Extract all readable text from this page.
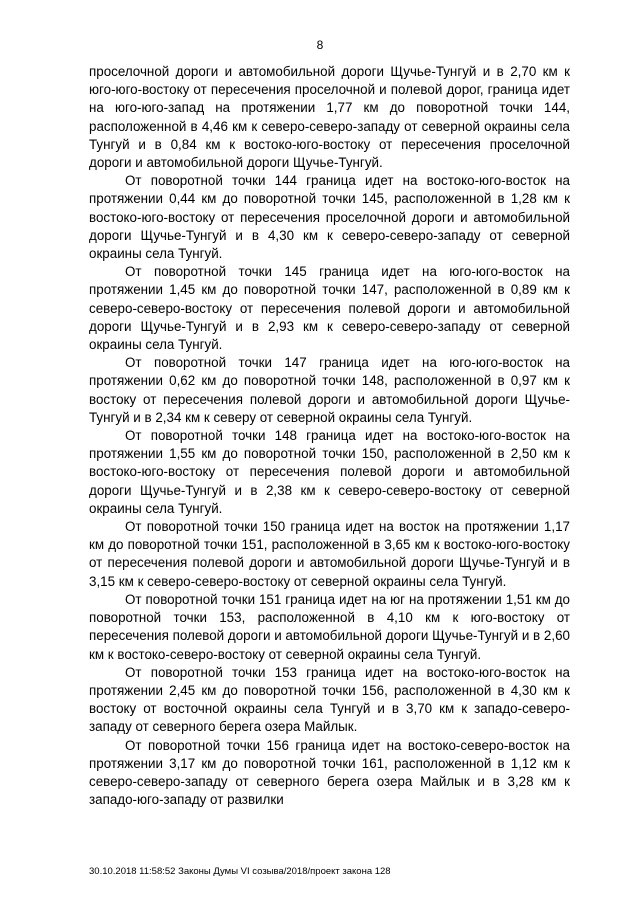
8

проселочной дороги и автомобильной дороги Щучье-Тунгуй и в 2,70 км к юго-юго-востоку от пересечения проселочной и полевой дорог, граница идет на юго-юго-запад на протяжении 1,77 км до поворотной точки 144, расположенной в 4,46 км к северо-северо-западу от северной окраины села Тунгуй и в 0,84 км к востоко-юго-востоку от пересечения проселочной дороги и автомобильной дороги Щучье-Тунгуй.

От поворотной точки 144 граница идет на востоко-юго-восток на протяжении 0,44 км до поворотной точки 145, расположенной в 1,28 км к востоко-юго-востоку от пересечения проселочной дороги и автомобильной дороги Щучье-Тунгуй и в 4,30 км к северо-северо-западу от северной окраины села Тунгуй.

От поворотной точки 145 граница идет на юго-юго-восток на протяжении 1,45 км до поворотной точки 147, расположенной в 0,89 км к северо-северо-востоку от пересечения полевой дороги и автомобильной дороги Щучье-Тунгуй и в 2,93 км к северо-северо-западу от северной окраины села Тунгуй.

От поворотной точки 147 граница идет на юго-юго-восток на протяжении 0,62 км до поворотной точки 148, расположенной в 0,97 км к востоку от пересечения полевой дороги и автомобильной дороги Щучье-Тунгуй и в 2,34 км к северу от северной окраины села Тунгуй.

От поворотной точки 148 граница идет на востоко-юго-восток на протяжении 1,55 км до поворотной точки 150, расположенной в 2,50 км к востоко-юго-востоку от пересечения полевой дороги и автомобильной дороги Щучье-Тунгуй и в 2,38 км к северо-северо-востоку от северной окраины села Тунгуй.

От поворотной точки 150 граница идет на восток на протяжении 1,17 км до поворотной точки 151, расположенной в 3,65 км к востоко-юго-востоку от пересечения полевой дороги и автомобильной дороги Щучье-Тунгуй и в 3,15 км к северо-северо-востоку от северной окраины села Тунгуй.

От поворотной точки 151 граница идет на юг на протяжении 1,51 км до поворотной точки 153, расположенной в 4,10 км к юго-востоку от пересечения полевой дороги и автомобильной дороги Щучье-Тунгуй и в 2,60 км к востоко-северо-востоку от северной окраины села Тунгуй.

От поворотной точки 153 граница идет на востоко-юго-восток на протяжении 2,45 км до поворотной точки 156, расположенной в 4,30 км к востоку от восточной окраины села Тунгуй и в 3,70 км к западо-северо-западу от северного берега озера Майлык.

От поворотной точки 156 граница идет на востоко-северо-восток на протяжении 3,17 км до поворотной точки 161, расположенной в 1,12 км к северо-северо-западу от северного берега озера Майлык и в 3,28 км к западо-юго-западу от развилки

30.10.2018 11:58:52 Законы Думы VI созыва/2018/проект закона 128
